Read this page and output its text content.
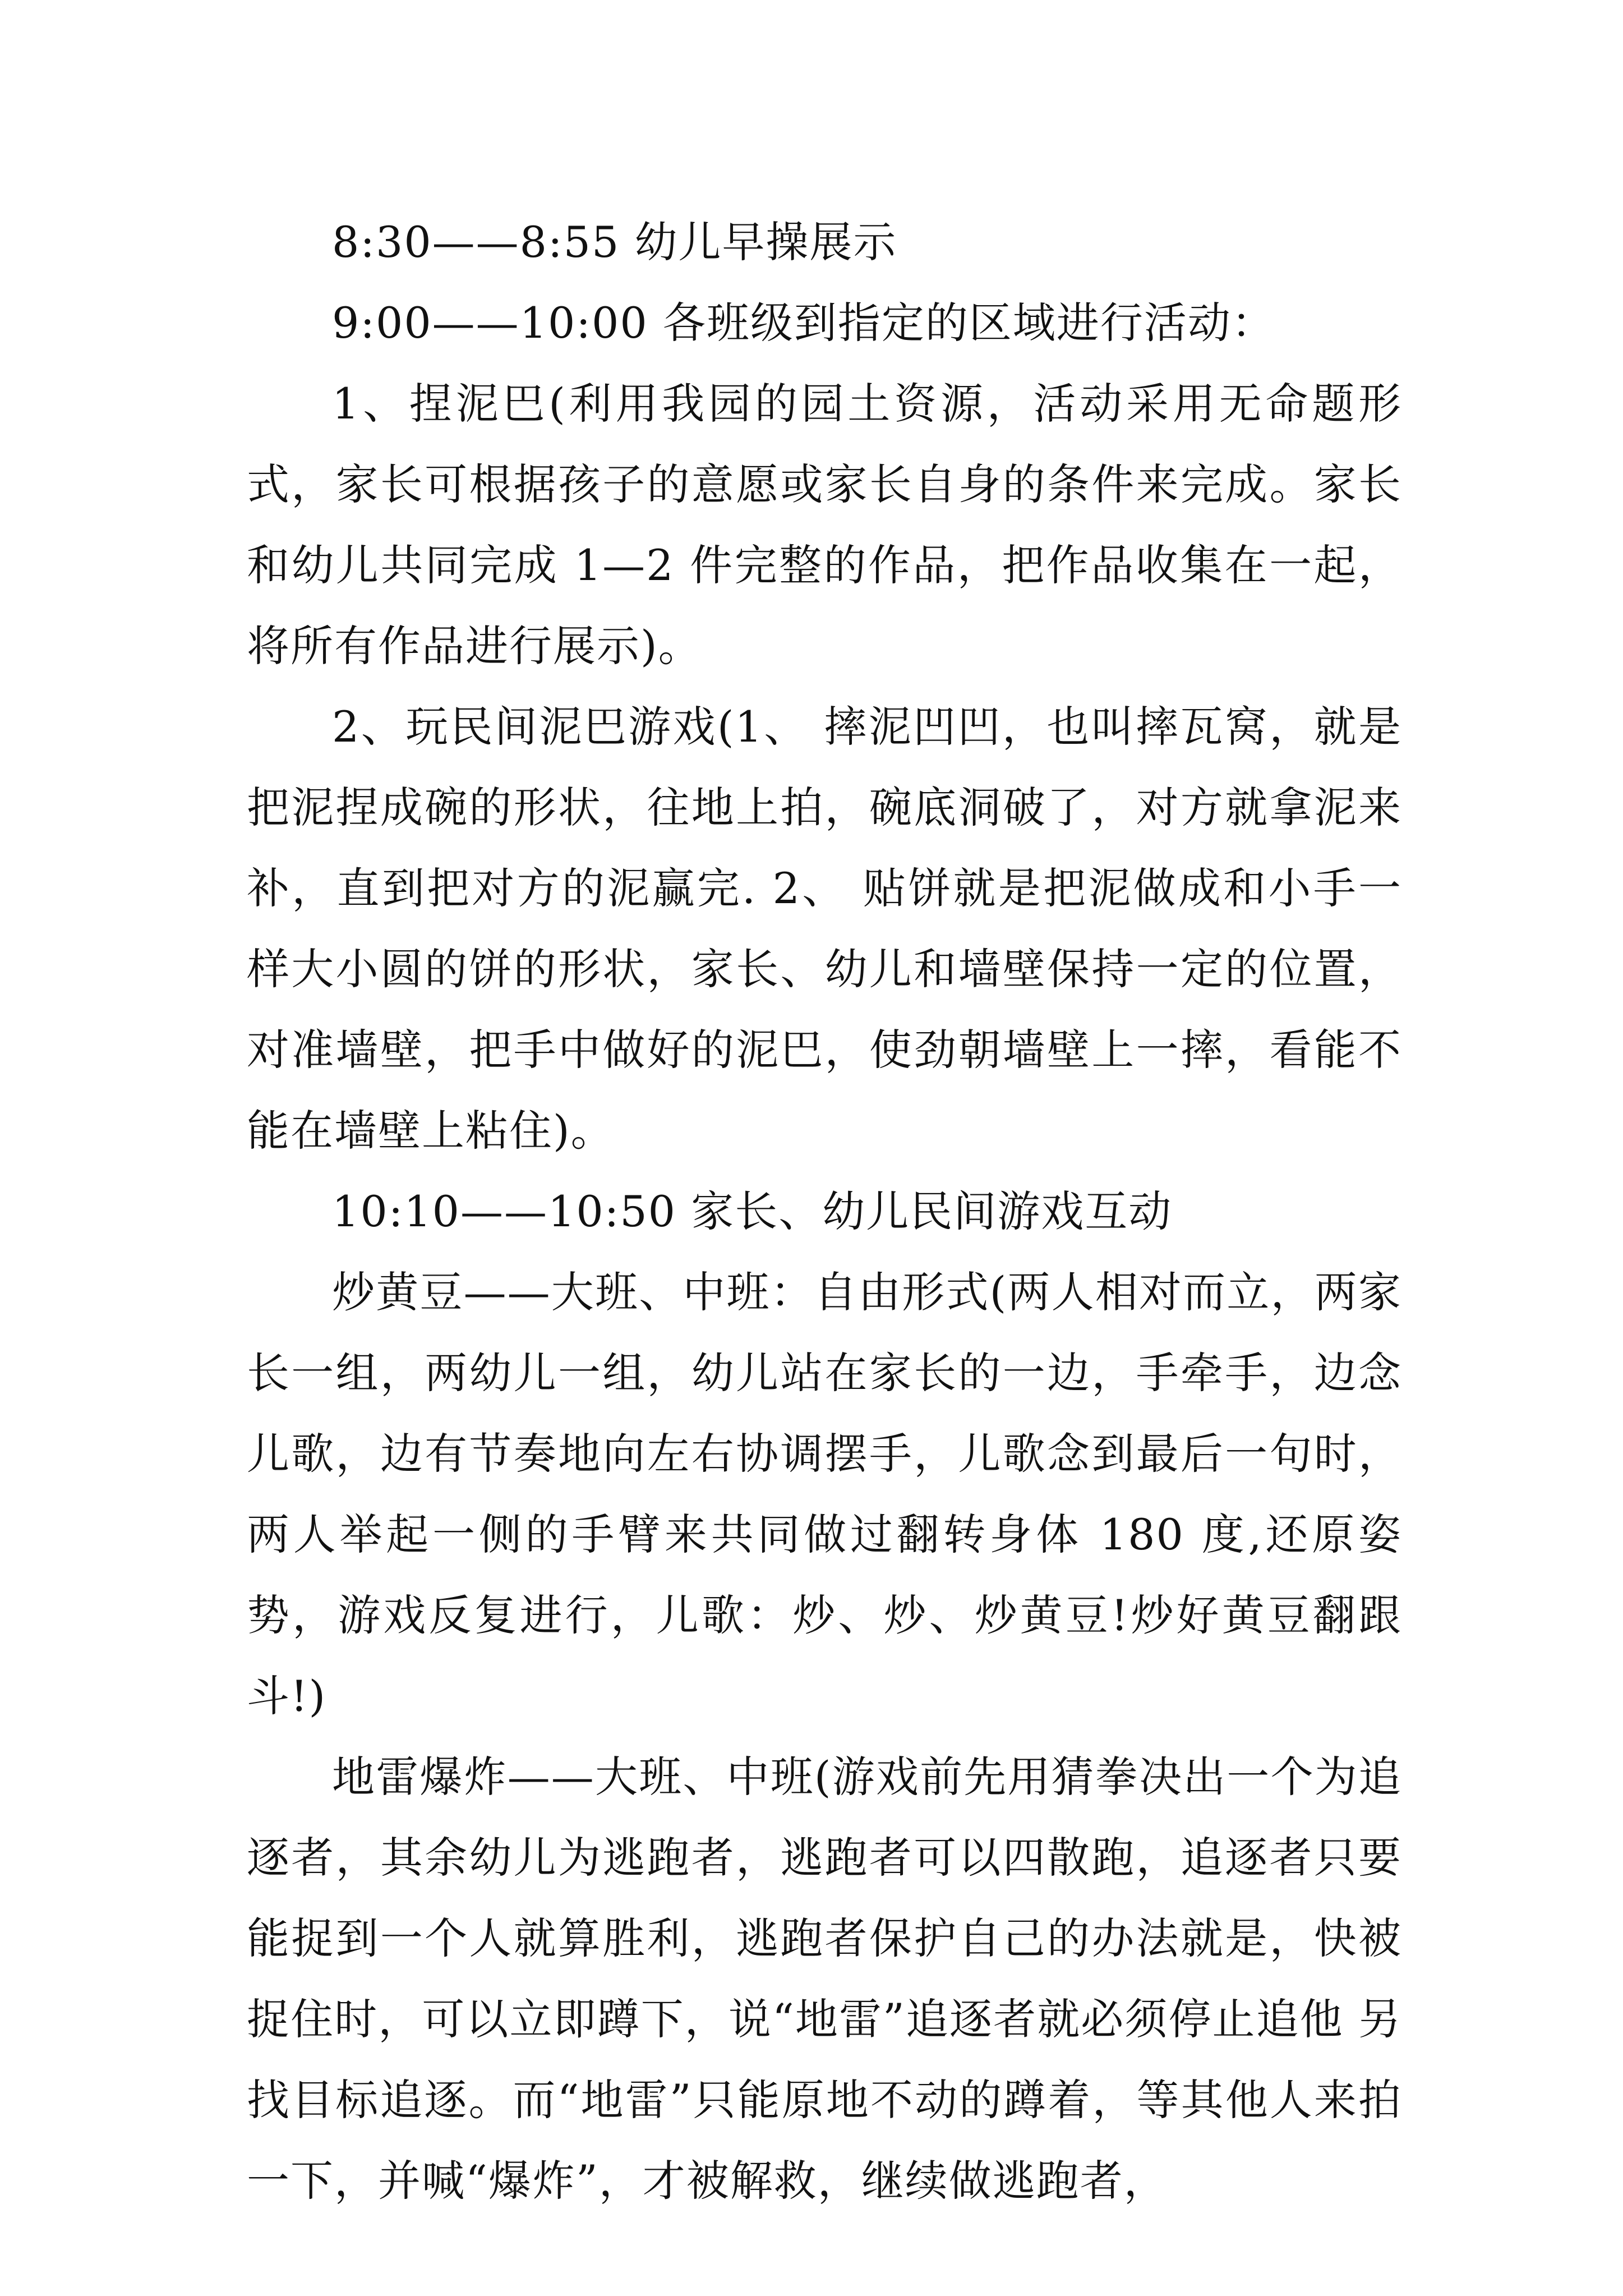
8:30——8:55 幼儿早操展示

9:00——10:00 各班级到指定的区域进行活动：

1、捏泥巴(利用我园的园土资源，活动采用无命题形式，家长可根据孩子的意愿或家长自身的条件来完成。家长和幼儿共同完成 1—2 件完整的作品，把作品收集在一起，将所有作品进行展示)。

2、玩民间泥巴游戏(1、 摔泥凹凹，也叫摔瓦窝，就是把泥捏成碗的形状，往地上拍，碗底洞破了，对方就拿泥来补，直到把对方的泥赢完. 2、 贴饼就是把泥做成和小手一样大小圆的饼的形状，家长、幼儿和墙壁保持一定的位置，对准墙壁，把手中做好的泥巴，使劲朝墙壁上一摔，看能不能在墙壁上粘住)。

10:10——10:50 家长、幼儿民间游戏互动

炒黄豆——大班、中班：自由形式(两人相对而立，两家长一组，两幼儿一组，幼儿站在家长的一边，手牵手，边念儿歌，边有节奏地向左右协调摆手，儿歌念到最后一句时，两人举起一侧的手臂来共同做过翻转身体 180 度,还原姿势，游戏反复进行，儿歌：炒、炒、炒黄豆!炒好黄豆翻跟斗!)

地雷爆炸——大班、中班(游戏前先用猜拳决出一个为追逐者，其余幼儿为逃跑者，逃跑者可以四散跑，追逐者只要能捉到一个人就算胜利，逃跑者保护自己的办法就是，快被捉住时，可以立即蹲下，说“地雷”追逐者就必须停止追他 另找目标追逐。而“地雷”只能原地不动的蹲着，等其他人来拍一下，并喊“爆炸”，才被解救，继续做逃跑者，
